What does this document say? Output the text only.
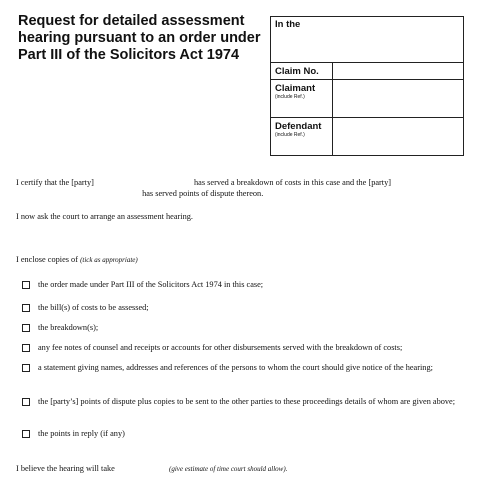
Request for detailed assessment hearing pursuant to an order under Part III of the Solicitors Act 1974
In the
Claim No.
Claimant
(include Ref.)
Defendant
(include Ref.)
I certify that the [party]	has served a breakdown of costs in this case and the [party]
has served points of dispute thereon.
I now ask the court to arrange an assessment hearing.
I enclose copies of (tick as appropriate)
the order made under Part III of the Solicitors Act 1974 in this case;
the bill(s) of costs to be assessed;
the breakdown(s);
any fee notes of counsel and receipts or accounts for other disbursements served with the breakdown of costs;
a statement giving names, addresses and references of the persons to whom the court should give notice of the hearing;
the [party’s] points of dispute plus copies to be sent to the other parties to these proceedings details of whom are given above;
the points in reply (if any)
I believe the hearing will take	(give estimate of time court should allow).
